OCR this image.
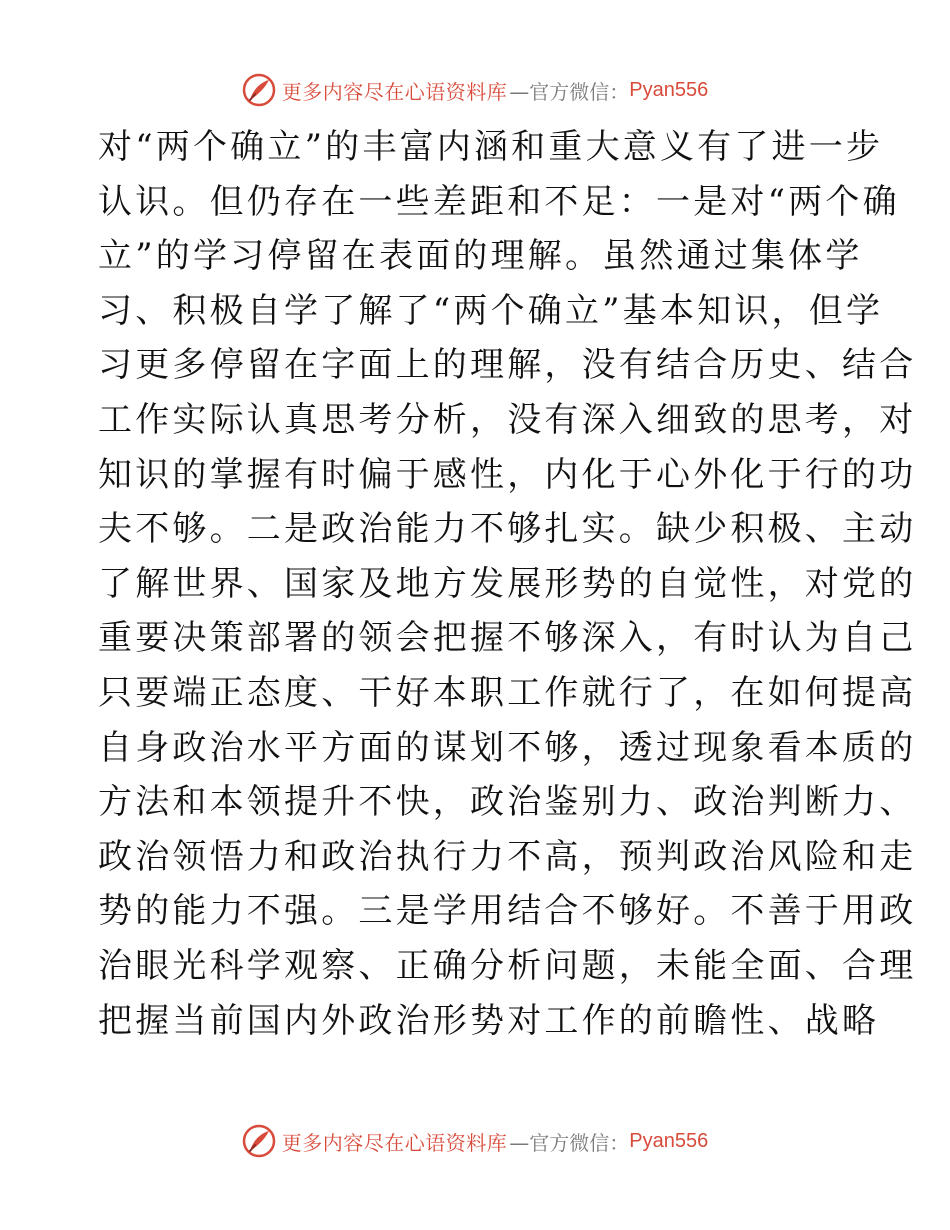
更多内容尽在心语资料库 —官方微信： Pyan556
对“两个确立”的丰富内涵和重大意义有了进一步
认识。但仍存在一些差距和不足：一是对“两个确
立”的学习停留在表面的理解。虽然通过集体学
习、积极自学了解了“两个确立”基本知识，但学
习更多停留在字面上的理解，没有结合历史、结合
工作实际认真思考分析，没有深入细致的思考，对
知识的掌握有时偏于感性，内化于心外化于行的功
夫不够。二是政治能力不够扎实。缺少积极、主动
了解世界、国家及地方发展形势的自觉性，对党的
重要决策部署的领会把握不够深入，有时认为自己
只要端正态度、干好本职工作就行了，在如何提高
自身政治水平方面的谋划不够，透过现象看本质的
方法和本领提升不快，政治鉴别力、政治判断力、
政治领悟力和政治执行力不高，预判政治风险和走
势的能力不强。三是学用结合不够好。不善于用政
治眼光科学观察、正确分析问题，未能全面、合理
把握当前国内外政治形势对工作的前瞻性、战略
更多内容尽在心语资料库 —官方微信： Pyan556
